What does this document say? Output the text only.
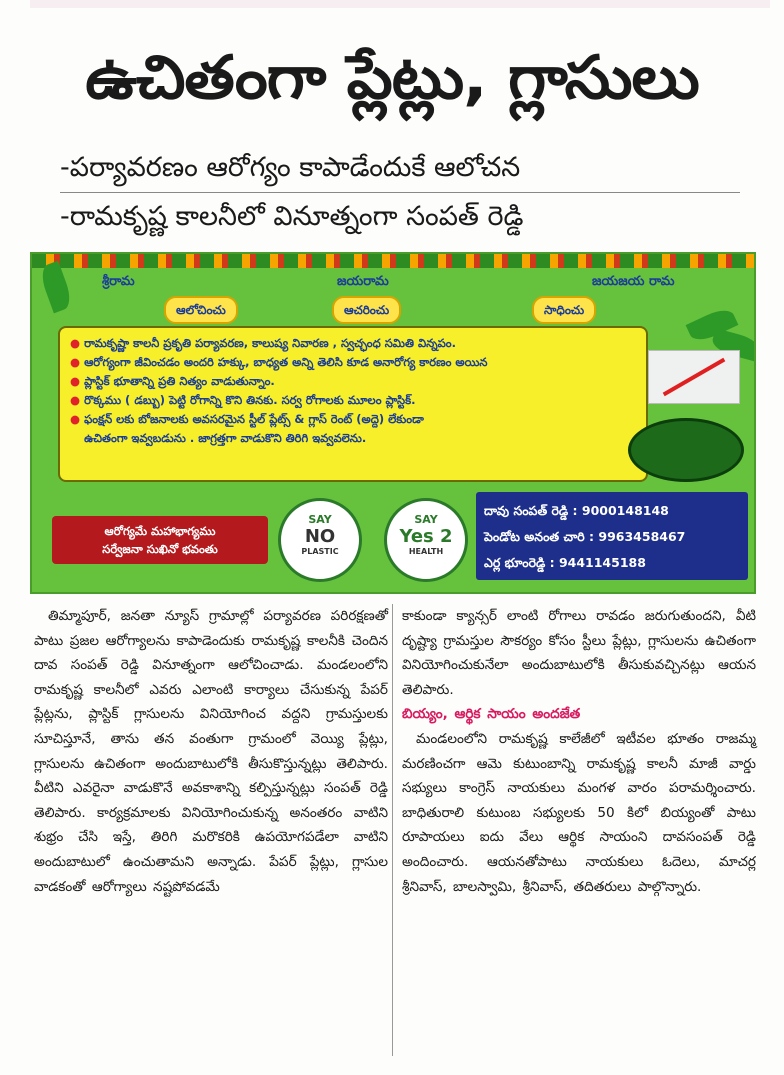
ఉచితంగా ప్లేట్లు, గ్లాసులు
-పర్యావరణం ఆరోగ్యం కాపాడేందుకే ఆలోచన
-రామకృష్ణ కాలనీలో వినూత్నంగా సంపత్ రెడ్డి
శ్రీరామ	జయరామ	జయజయ రామ
ఆలోచించు	ఆచరించు	సాధించు
● రామకృష్ణా కాలనీ ప్రకృతి పర్యావరణ, కాలుష్య నివారణ , స్వచ్ఛంధ సమితి విన్నపం.
● ఆరోగ్యంగా జీవించడం అందరి హక్కు, బాధ్యత అన్ని తెలిసి కూడ అనారోగ్య కారణం అయిన
● ప్లాస్టిక్ భూతాన్ని ప్రతి నిత్యం వాడుతున్నాం.
● రొక్కము ( డబ్బు) పెట్టి రోగాన్ని కొని తినకు. సర్వ రోగాలకు మూలం ప్లాస్టిక్.
● ఫంక్షన్ లకు బోజనాలకు అవసరమైన స్టీల్ ప్లేట్స్ & గ్లాస్ రెంట్ (అద్దె) లేకుండా
ఉచితంగా ఇవ్వబడును . జాగ్రత్తగా వాడుకొని తిరిగి ఇవ్వవలెను.
ఆరోగ్యమే మహాభాగ్యము
సర్వేజనా సుఖినో భవంతు
SAY
NO
PLASTIC
SAY
Yes 2
HEALTH
దావు సంపత్ రెడ్డి : 9000148148
పెండోట అనంత చారి : 9963458467
ఎర్ల భూంరెడ్డి : 9441145188

తిమ్మాపూర్, జనతా న్యూస్ గ్రామాల్లో పర్యావరణ పరిరక్షణతో పాటు ప్రజల ఆరోగ్యాలను కాపాడెందుకు రామకృష్ణ కాలనీకి చెందిన దావ సంపత్ రెడ్డి వినూత్నంగా ఆలోచించాడు. మండలంలోని రామకృష్ణ కాలనీలో ఎవరు ఎలాంటి కార్యాలు చేసుకున్న పేపర్ ప్లేట్లను, ప్లాస్టిక్ గ్లాసులను వినియోగించ వద్దని గ్రామస్తులకు సూచిస్తూనే, తాను తన వంతుగా గ్రామంలో వెయ్యి ప్లేట్లు, గ్లాసులను ఉచితంగా అందుబాటులోకి తీసుకొస్తున్నట్లు తెలిపారు. వీటిని ఎవరైనా వాడుకొనే అవకాశాన్ని కల్పిస్తున్నట్లు సంపత్ రెడ్డి తెలిపారు. కార్యక్రమాలకు వినియోగించుకున్న అనంతరం వాటిని శుభ్రం చేసి ఇస్తే, తిరిగి మరొకరికి ఉపయోగపడేలా వాటిని అందుబాటులో ఉంచుతామని అన్నాడు. పేపర్ ప్లేట్లు, గ్లాసుల వాడకంతో ఆరోగ్యాలు నష్టపోవడమే

కాకుండా క్యాన్సర్ లాంటి రోగాలు రావడం జరుగుతుందని, వీటి దృష్ట్యా గ్రామస్తుల సౌకర్యం కోసం స్టీలు ప్లేట్లు, గ్లాసులను ఉచితంగా వినియోగించుకునేలా అందుబాటులోకి తీసుకువచ్చినట్లు ఆయన తెలిపారు.

బియ్యం, ఆర్థిక సాయం అందజేత

మండలంలోని రామకృష్ణ కాలేజీలో ఇటీవల భూతం రాజమ్మ మరణించగా ఆమె కుటుంబాన్ని రామకృష్ణ కాలనీ మాజీ వార్డు సభ్యులు కాంగ్రెస్ నాయకులు మంగళ వారం పరామర్శించారు. బాధితురాలి కుటుంబ సభ్యులకు 50 కిలో బియ్యంతో పాటు రూపాయలు ఐదు వేలు ఆర్థిక సాయంని దావసంపత్ రెడ్డి అందించారు. ఆయనతోపాటు నాయకులు ఓదెలు, మాచర్ల శ్రీనివాస్, బాలస్వామి, శ్రీనివాస్, తదితరులు పాల్గొన్నారు.
